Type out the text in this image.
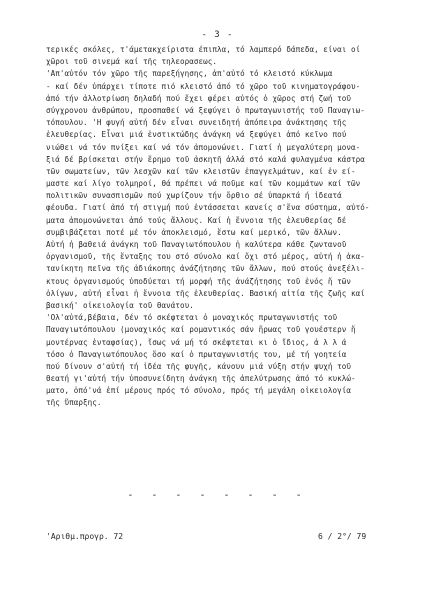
- 3 -
τερικές σκόλες, τ'άμετακχείριστα έπιπλα, τό λαμπερό δάπεδα, είναι οί
χῶροι τοῦ σινεμά καί τῆς τηλεορασεως.
'Απ'αὐτόν τόν χῶρο τῆς παρεξήγησης, ἀπ'αὐτό τό κλειστό κύκλωμα
- καί δέν ὑπάρχει τίποτε πιό κλειστό ἀπό τό χῶρο τοῦ κινηματογράφου-
ἀπό τήν ἀλλοτρίωση δηλαδή πού ἔχει φέρει αὐτός ὁ χῶρος στή ζωή τοῦ
σύγχρονου ἀνθρώπου, προσπαθεί νά ξεφύγει ὁ πρωταγωνιστής τοῦ Παναγιω-
τόπουλου. 'Η φυγή αὐτή δέν εἶναι συνειδητή ἀπόπειρα ἀνάκτησης τῆς
ἐλευθερίας. Εἶναι μιά ἐνστικτώδης ἀνάγκη νά ξεφύγει ἀπό κεῖνο πού
νιώθει νά τόν πνίξει καί νά τόν ἀπομονώνει. Γιατί ἡ μεγαλύτερη μονα-
ξιά δέ βρίσκεται στήν ἔρημο τοῦ ἀσκητῆ ἀλλά στό καλά φυλαγμένα κάστρα
τῶν σωματείων, τῶν λεσχῶν καί τῶν κλειστῶν ἐπαγγελμάτων, καί ἐν εί-
μαστε καί λίγο τολμηροί, θά πρέπει νά ποῦμε καί τῶν κομμάτων καί τῶν
πολιτικῶν συνασπισμῶν πού χωρίζουν τήν ὄρθιο σέ ὑπαρκτά ή ἰδεατά
φέουδα. Γιατί ἀπό τή στιγμή πού ἐντάσσεται κανείς σ'ἕνα σύστημα, αὐτό-
ματα ἀπομονώνεται ἀπό τούς ἄλλους. Καί ἡ ἔννοια τῆς ἐλευθερίας δέ
συμβιβάζεται ποτέ μέ τόν ἀποκλεισμό, ἔστω καί μερικό, τῶν ἄλλων.
Αὐτή ἡ βαθειά ἀνάγκη τοῦ Παναγιωτόπουλου ἡ καλύτερα κάθε ζωντανοῦ
ὀργανισμοῦ, τῆς ἔνταξης του στό σύνολο καί ὄχι στό μέρος, αὐτή ἡ ἀκα-
τανίκητη πεῖνα τῆς ἀδιάκοπης ἀνάζήτησης τῶν ἄλλων, πού στούς ἀνεξέλι-
κτους ὀργανισμούς ὑποδύεται τή μορφή τῆς ἀνάζήτησης τοῦ ἑνός ἤ τῶν
ὀλίγων, αὐτή εἶναι ἡ ἔννοια τῆς ἐλευθερίας. Βασική αἰτία τῆς ζωῆς καί
βασική' οἰκειολογία τοῦ θανάτου.
'Ολ'αὐτά,βέβαια, δέν τό σκέφτεται ὁ μοναχικός πρωταγωνιστής τοῦ
Παναγιωτόπουλου (μοναχικός καί ρομαντικός σάν ἥρωας τοῦ γουέστερν ἤ
μοντέρνας ἐνταφσίας), ἴσως νά μή τό σκέφτεται κι ὁ ἴδιος, ἀ λ λ ά
τόσο ὁ Παναγιωτόπουλος ὅσο καί ὁ πρωταγωνιστής του, μέ τή γοητεία
πού δίνουν σ'αὐτή τή ἰδέα τῆς φυγῆς, κάνουν μιά νύξη στήν ψυχή τοῦ
θεατή γι'αὐτή τήν ὑποσυνείδητη ἀνάγκη τῆς ἀπελύτρωσης ἀπό τό κυκλώ-
ματο, ὁπό'νά ἐπί μέρους πρός τό σύνολο, πρός τή μεγάλη οἰκειολογία
τῆς ὕπαρξης.
- - - - - - - -
'Αριθμ.προγρ. 72	6 / 2°/ 79
